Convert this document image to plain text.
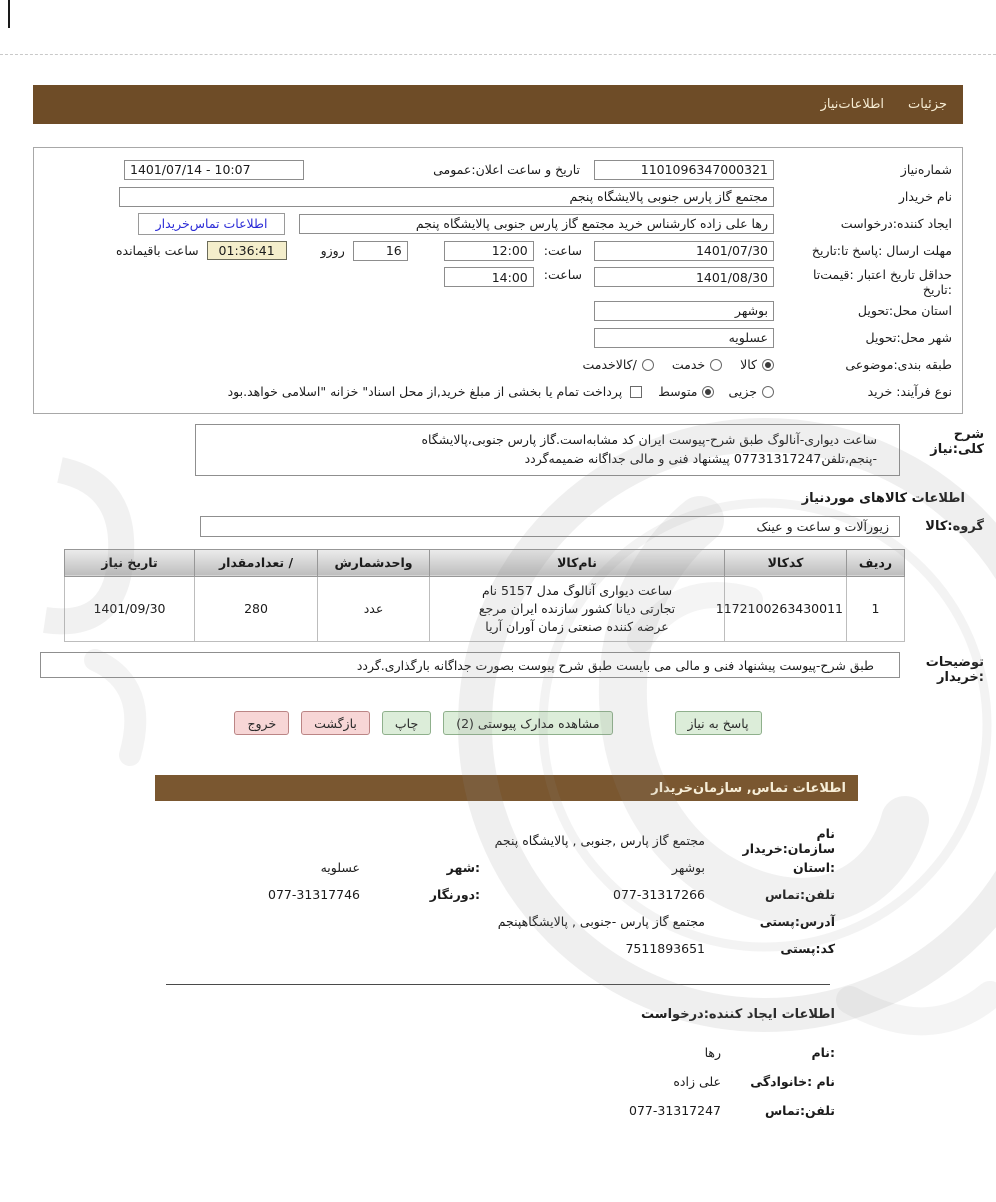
جزئیات
اطلاعات‌نیاز
شماره‌نیاز
1101096347000321
تاریخ و ساعت اعلان:عمومی
1401/07/14 - 10:07
نام خریدار
مجتمع گاز پارس جنوبی پالایشگاه پنجم
ایجاد کننده:درخواست
رها علی زاده کارشناس خرید مجتمع گاز پارس جنوبی پالایشگاه پنجم
اطلاعات تماس‌خریدار
مهلت ارسال :پاسخ تا:تاریخ
1401/07/30
ساعت:
12:00
16
روزو
01:36:41
ساعت باقیمانده
حداقل تاریخ اعتبار :قیمت‌تا
:تاریخ
1401/08/30
ساعت:
14:00
استان محل:تحویل
بوشهر
شهر محل:تحویل
عسلویه
طبقه بندی:موضوعی
کالا
خدمت
/کالاخدمت
نوع فرآیند: خرید
جزیی
متوسط
پرداخت تمام یا بخشی از مبلغ خرید,از محل اسناد" خزانه "اسلامی خواهد.بود
شرح کلی:نیاز
ساعت دیواری-آنالوگ طبق شرح-پیوست ایران کد مشابه‌است.گاز پارس جنوبی،پالایشگاه
-پنجم،تلفن07731317247 پیشنهاد فنی و مالی جداگانه ضمیمه‌گردد
اطلاعات کالاهای موردنیاز
گروه:کالا
زیورآلات و ساعت و عینک
ردیف	کدکالا	نام‌کالا	واحدشمارش	/ تعدادمقدار	تاریخ نیاز
1	1172100263430011	ساعت دیواری آنالوگ مدل 5157 نام
تجارتی دیانا کشور سازنده ایران مرجع
عرضه کننده صنعتی زمان آوران آریا	عدد	280	1401/09/30
توضیحات
:خریدار
طبق شرح-پیوست پیشنهاد فنی و مالی می بایست طبق شرح پیوست بصورت جداگانه بارگذاری.گردد
پاسخ به نیاز
مشاهده مدارک پیوستی (2)
چاپ
بازگشت
خروج
اطلاعات تماس, سازمان‌خریدار
نام سازمان:خریدار
مجتمع گاز پارس ,جنوبی , پالایشگاه پنجم
:استان
بوشهر
:شهر
عسلویه
تلفن:تماس
077-31317266
:دورنگار
077-31317746
آدرس:پستی
مجتمع گاز پارس -جنوبی , پالایشگاهپنجم
کد:پستی
7511893651
اطلاعات ایجاد کننده:درخواست
:نام
رها
نام :خانوادگی
علی زاده
تلفن:تماس
077-31317247
